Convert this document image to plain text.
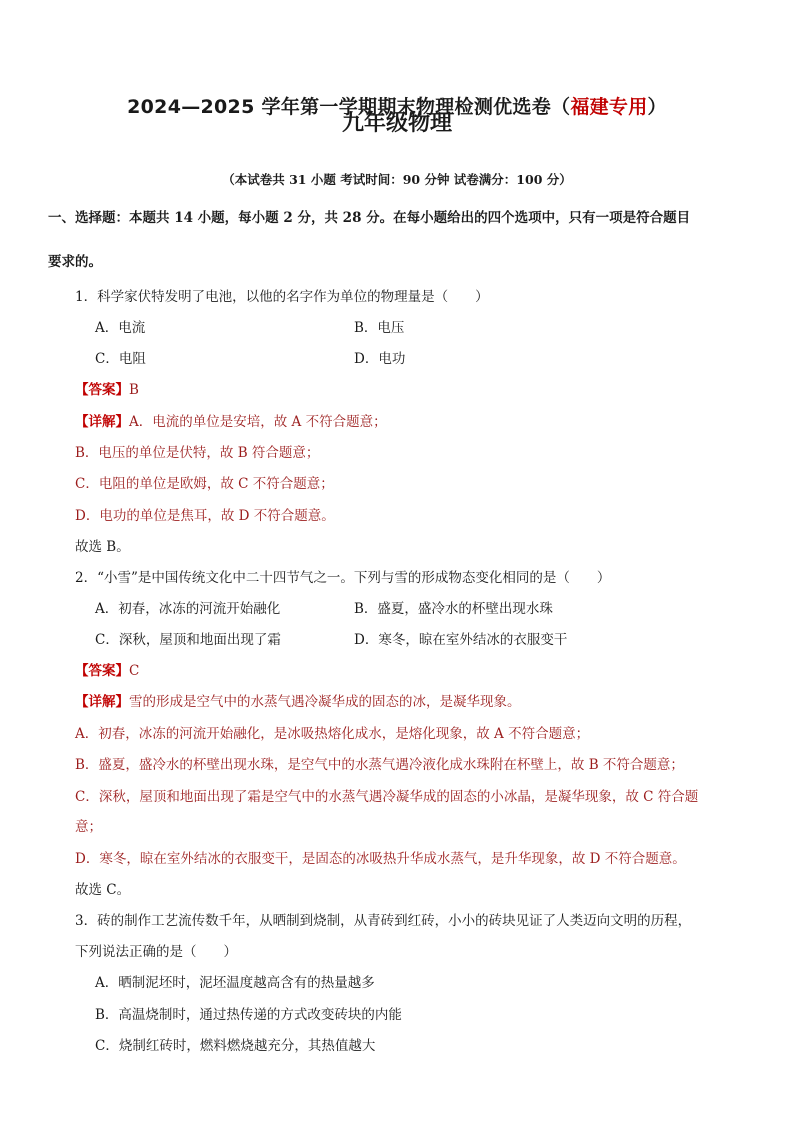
2024—2025 学年第一学期期末物理检测优选卷（福建专用）
九年级物理
（本试卷共 31 小题 考试时间：90 分钟 试卷满分：100 分）
一、选择题：本题共 14 小题，每小题 2 分，共 28 分。在每小题给出的四个选项中，只有一项是符合题目
要求的。
1．科学家伏特发明了电池，以他的名字作为单位的物理量是（　　）
A．电流	B．电压
C．电阻	D．电功
【答案】B
【详解】A．电流的单位是安培，故 A 不符合题意；
B．电压的单位是伏特，故 B 符合题意；
C．电阻的单位是欧姆，故 C 不符合题意；
D．电功的单位是焦耳，故 D 不符合题意。
故选 B。
2．“小雪”是中国传统文化中二十四节气之一。下列与雪的形成物态变化相同的是（　　）
A．初春，冰冻的河流开始融化	B．盛夏，盛冷水的杯壁出现水珠
C．深秋，屋顶和地面出现了霜	D．寒冬，晾在室外结冰的衣服变干
【答案】C
【详解】雪的形成是空气中的水蒸气遇冷凝华成的固态的冰，是凝华现象。
A．初春，冰冻的河流开始融化，是冰吸热熔化成水，是熔化现象，故 A 不符合题意；
B．盛夏，盛冷水的杯壁出现水珠，是空气中的水蒸气遇冷液化成水珠附在杯壁上，故 B 不符合题意；
C．深秋，屋顶和地面出现了霜是空气中的水蒸气遇冷凝华成的固态的小冰晶，是凝华现象，故 C 符合题
意；
D．寒冬，晾在室外结冰的衣服变干，是固态的冰吸热升华成水蒸气，是升华现象，故 D 不符合题意。
故选 C。
3．砖的制作工艺流传数千年，从晒制到烧制，从青砖到红砖，小小的砖块见证了人类迈向文明的历程，
下列说法正确的是（　　）
A．晒制泥坯时，泥坯温度越高含有的热量越多
B．高温烧制时，通过热传递的方式改变砖块的内能
C．烧制红砖时，燃料燃烧越充分，其热值越大
